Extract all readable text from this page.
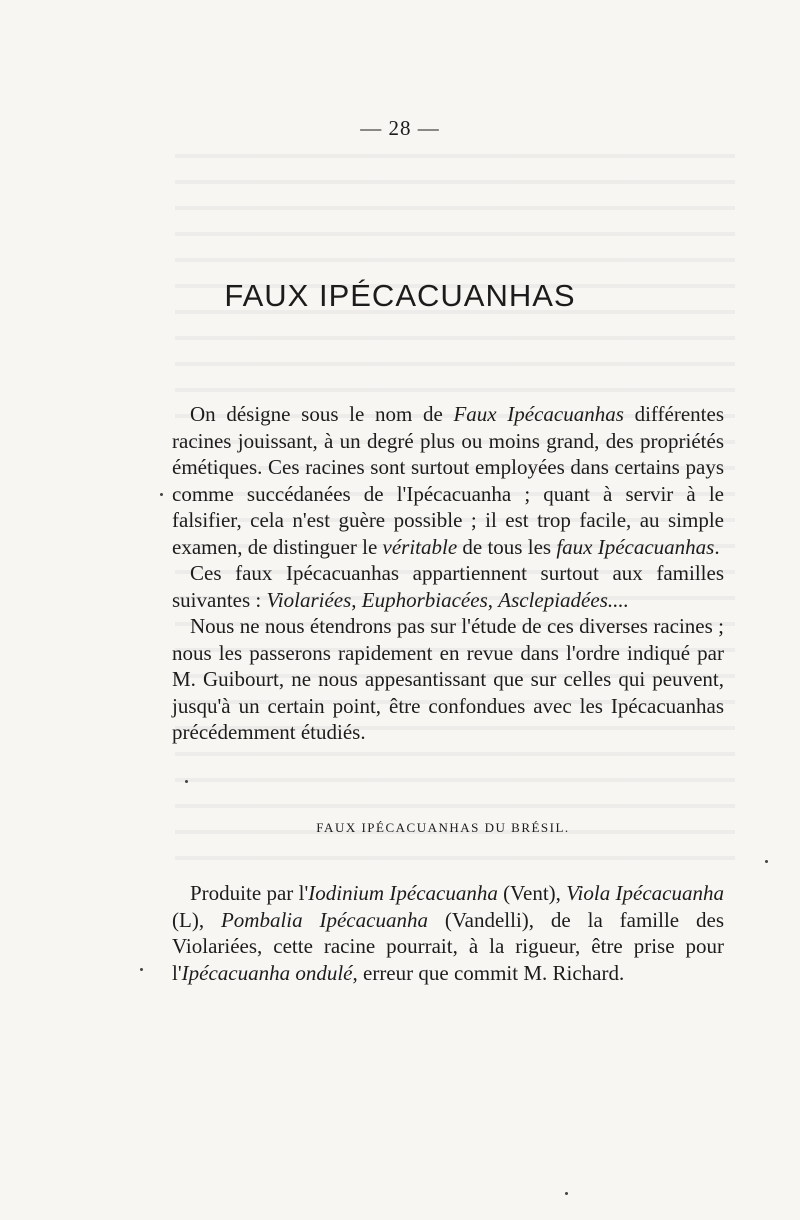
— 28 —
FAUX IPÉCACUANHAS

On désigne sous le nom de Faux Ipécacuanhas différentes racines jouissant, à un degré plus ou moins grand, des propriétés émétiques. Ces racines sont surtout employées dans certains pays comme succédanées de l'Ipécacuanha ; quant à servir à le falsifier, cela n'est guère possible ; il est trop facile, au simple examen, de distinguer le véritable de tous les faux Ipécacuanhas.

Ces faux Ipécacuanhas appartiennent surtout aux familles suivantes : Violariées, Euphorbiacées, Asclepiadées....

Nous ne nous étendrons pas sur l'étude de ces diverses racines ; nous les passerons rapidement en revue dans l'ordre indiqué par M. Guibourt, ne nous appesantissant que sur celles qui peuvent, jusqu'à un certain point, être confondues avec les Ipécacuanhas précédemment étudiés.

FAUX IPÉCACUANHAS DU BRÉSIL.

Produite par l'Iodinium Ipécacuanha (Vent), Viola Ipécacuanha (L), Pombalia Ipécacuanha (Vandelli), de la famille des Violariées, cette racine pourrait, à la rigueur, être prise pour l'Ipécacuanha ondulé, erreur que commit M. Richard.
